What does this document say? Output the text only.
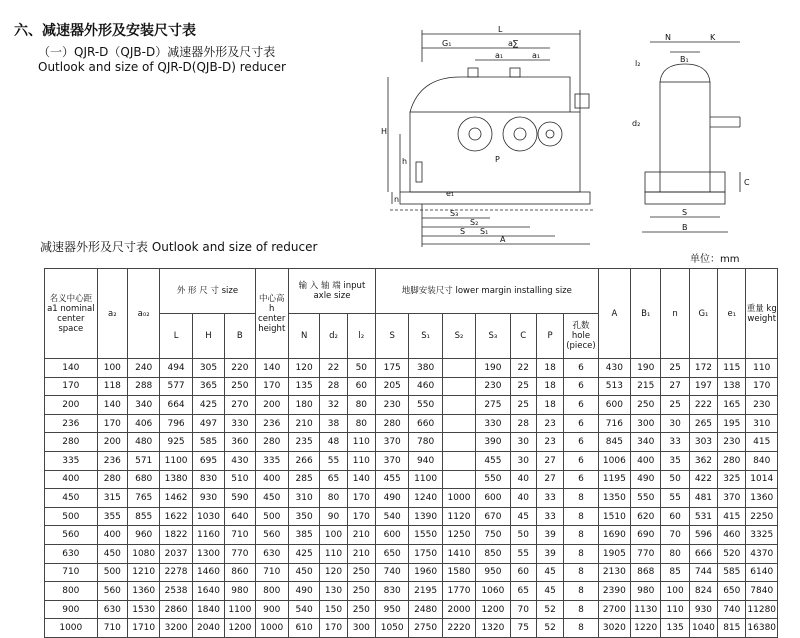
六、减速器外形及安装尺寸表
（一）QJR-D（QJB-D）减速器外形及尺寸表
Outlook and size of QJR-D(QJB-D) reducer
L
G₁	a∑
a₁	a₁
H
h	P
n
e₁
S₃
S₂
S₁
A
S
N	K
l₂	B₁
d₂
C
S
B
减速器外形及尺寸表 Outlook and size of reducer
单位：mm
名义中心距a1 nominal center space	a₂	a₀₂	外 形 尺 寸 size			中心高 h center height	输 入 轴 端 input axle size			地脚安装尺寸 lower margin installing size							A	B₁	n	G₁	e₁	重量 kg weight
			L	H	B		N	d₂	l₂	S	S₁	S₂	S₃	C	P	孔数 hole (piece)						
140	100	240	494	305	220	140	120	22	50	175	380		190	22	18	6	430	190	25	172	115	110
170	118	288	577	365	250	170	135	28	60	205	460		230	25	18	6	513	215	27	197	138	170
200	140	340	664	425	270	200	180	32	80	230	550		275	25	18	6	600	250	25	222	165	230
236	170	406	796	497	330	236	210	38	80	280	660		330	28	23	6	716	300	30	265	195	310
280	200	480	925	585	360	280	235	48	110	370	780		390	30	23	6	845	340	33	303	230	415
335	236	571	1100	695	430	335	266	55	110	370	940		455	30	27	6	1006	400	35	362	280	840
400	280	680	1380	830	510	400	285	65	140	455	1100		550	40	27	6	1195	490	50	422	325	1014
450	315	765	1462	930	590	450	310	80	170	490	1240	1000	600	40	33	8	1350	550	55	481	370	1360
500	355	855	1622	1030	640	500	350	90	170	540	1390	1120	670	45	33	8	1510	620	60	531	415	2250
560	400	960	1822	1160	710	560	385	100	210	600	1550	1250	750	50	39	8	1690	690	70	596	460	3325
630	450	1080	2037	1300	770	630	425	110	210	650	1750	1410	850	55	39	8	1905	770	80	666	520	4370
710	500	1210	2278	1460	860	710	450	120	250	740	1960	1580	950	60	45	8	2130	868	85	744	585	6140
800	560	1360	2538	1640	980	800	490	130	250	830	2195	1770	1060	65	45	8	2390	980	100	824	650	7840
900	630	1530	2860	1840	1100	900	540	150	250	950	2480	2000	1200	70	52	8	2700	1130	110	930	740	11280
1000	710	1710	3200	2040	1200	1000	610	170	300	1050	2750	2220	1320	75	52	8	3020	1220	135	1040	815	16380
